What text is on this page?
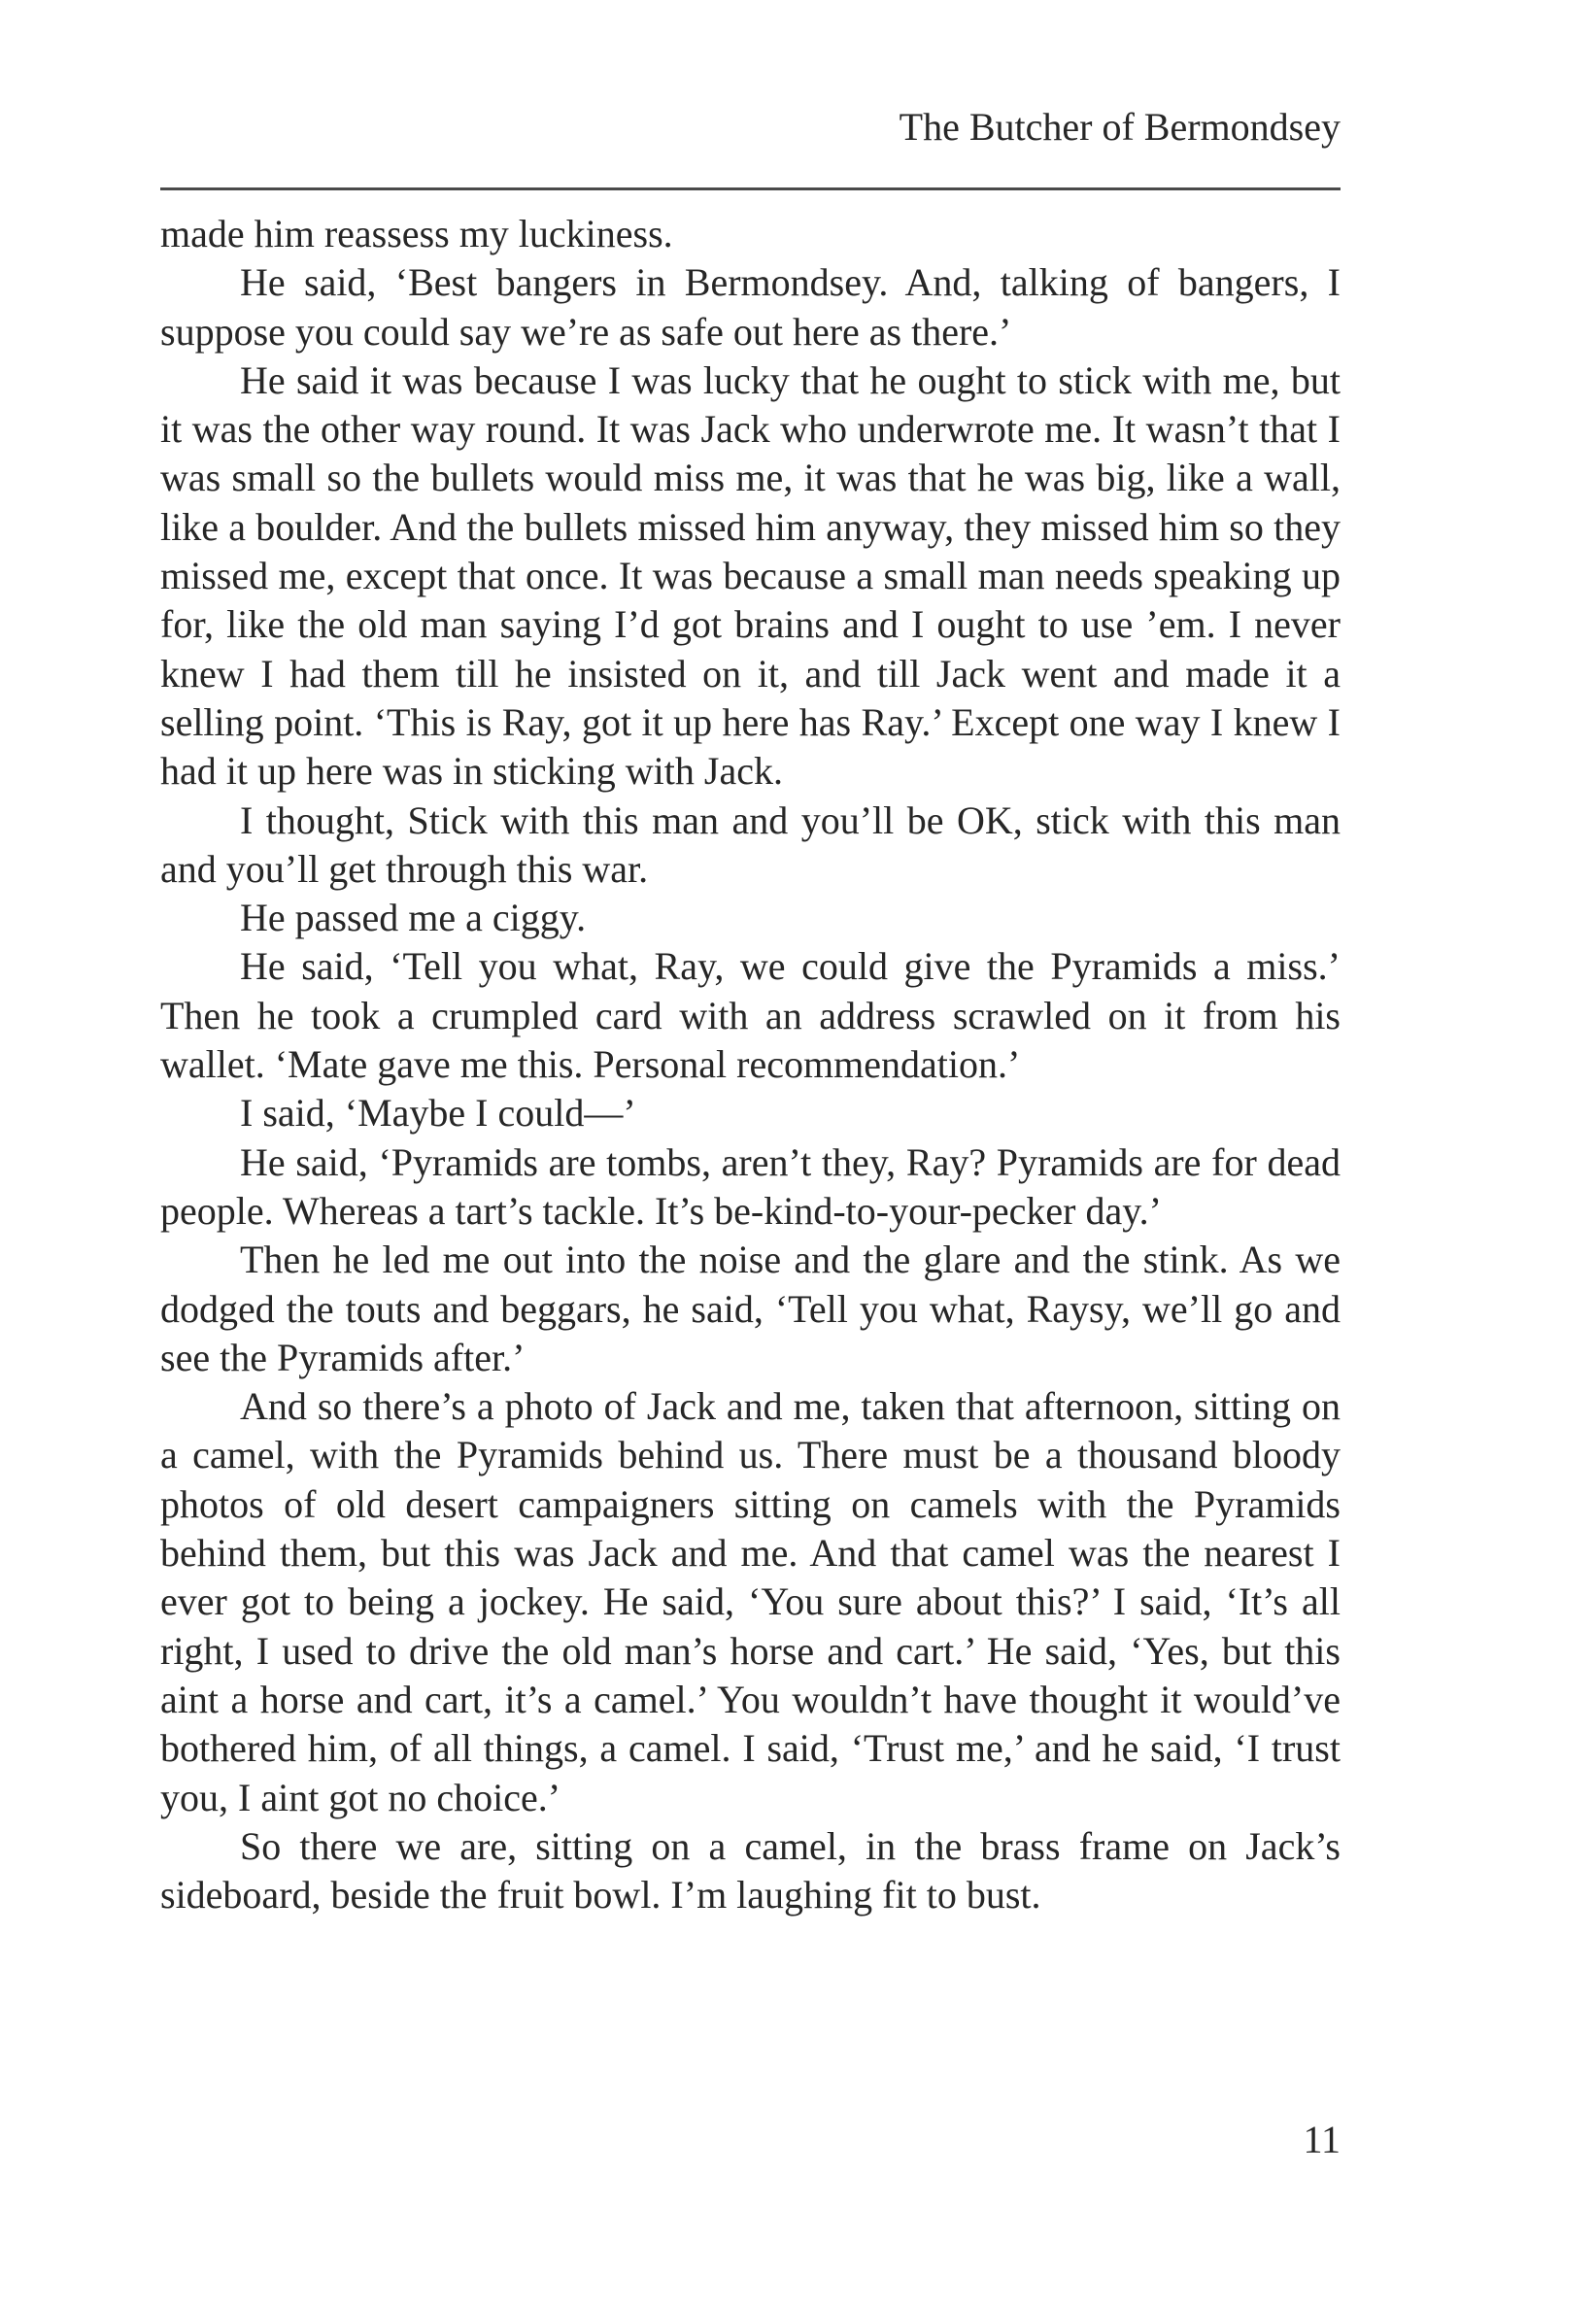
The Butcher of Bermondsey

made him reassess my luckiness.

He said, ‘Best bangers in Bermondsey. And, talking of bangers, I suppose you could say we’re as safe out here as there.’

He said it was because I was lucky that he ought to stick with me, but it was the other way round. It was Jack who underwrote me. It wasn’t that I was small so the bullets would miss me, it was that he was big, like a wall, like a boulder. And the bullets missed him anyway, they missed him so they missed me, except that once. It was because a small man needs speaking up for, like the old man saying I’d got brains and I ought to use ’em. I never knew I had them till he insisted on it, and till Jack went and made it a selling point. ‘This is Ray, got it up here has Ray.’ Except one way I knew I had it up here was in sticking with Jack.

I thought, Stick with this man and you’ll be OK, stick with this man and you’ll get through this war.

He passed me a ciggy.

He said, ‘Tell you what, Ray, we could give the Pyramids a miss.’ Then he took a crumpled card with an address scrawled on it from his wallet. ‘Mate gave me this. Personal recommendation.’

I said, ‘Maybe I could—’

He said, ‘Pyramids are tombs, aren’t they, Ray? Pyramids are for dead people. Whereas a tart’s tackle. It’s be-kind-to-your-pecker day.’

Then he led me out into the noise and the glare and the stink. As we dodged the touts and beggars, he said, ‘Tell you what, Raysy, we’ll go and see the Pyramids after.’

And so there’s a photo of Jack and me, taken that afternoon, sitting on a camel, with the Pyramids behind us. There must be a thousand bloody photos of old desert campaigners sitting on camels with the Pyramids behind them, but this was Jack and me. And that camel was the nearest I ever got to being a jockey. He said, ‘You sure about this?’ I said, ‘It’s all right, I used to drive the old man’s horse and cart.’ He said, ‘Yes, but this aint a horse and cart, it’s a camel.’ You wouldn’t have thought it would’ve bothered him, of all things, a camel. I said, ‘Trust me,’ and he said, ‘I trust you, I aint got no choice.’

So there we are, sitting on a camel, in the brass frame on Jack’s sideboard, beside the fruit bowl. I’m laughing fit to bust.

11
